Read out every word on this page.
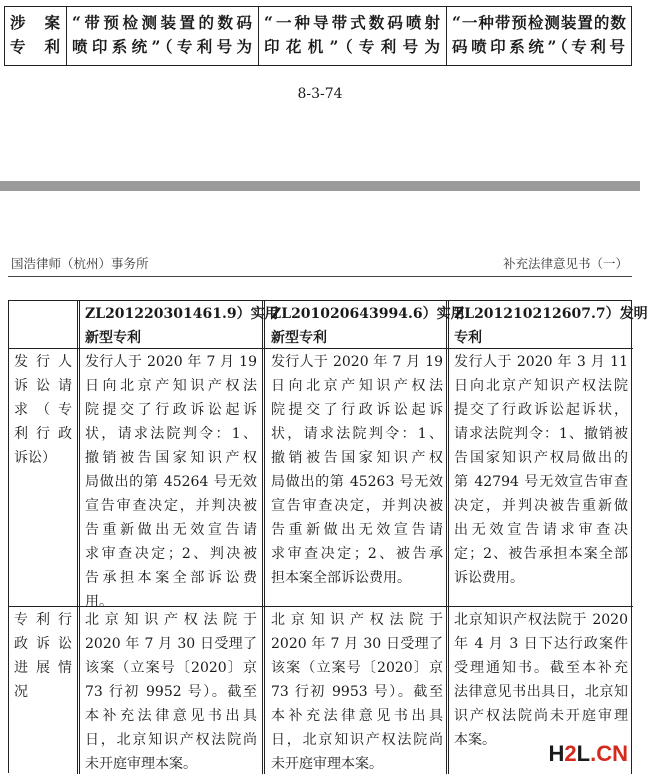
涉案
专利
“带预检测装置的数码
喷印系统”（专利号为
“一种导带式数码喷射
印花机”（专利号为
“一种带预检测装置的数
码喷印系统”（专利号
8-3-74
国浩律师（杭州）事务所	补充法律意见书（一）
ZL201220301461.9）实用
新型专利
ZL201020643994.6）实用
新型专利
ZL201210212607.7）发明
专利
发行人
诉讼请
求（专
利行政
诉讼）
发行人于 2020 年 7 月 19
日向北京产知识产权法
院提交了行政诉讼起诉
状，请求法院判令：1、
撤销被告国家知识产权
局做出的第 45264 号无效
宣告审查决定，并判决被
告重新做出无效宣告请
求审查决定；2、判决被
告承担本案全部诉讼费
用。
发行人于 2020 年 7 月 19
日向北京产知识产权法
院提交了行政诉讼起诉
状，请求法院判令：1、
撤销被告国家知识产权
局做出的第 45263 号无效
宣告审查决定，并判决被
告重新做出无效宣告请
求审查决定；2、被告承
担本案全部诉讼费用。
发行人于 2020 年 3 月 11
日向北京产知识产权法院
提交了行政诉讼起诉状，
请求法院判令：1、撤销被
告国家知识产权局做出的
第 42794 号无效宣告审查
决定，并判决被告重新做
出无效宣告请求审查决
定；2、被告承担本案全部
诉讼费用。
专利行
政诉讼
进展情
况
北京知识产权法院于
2020 年 7 月 30 日受理了
该案（立案号〔2020〕京
73 行初 9952 号）。截至
本补充法律意见书出具
日，北京知识产权法院尚
未开庭审理本案。
北京知识产权法院于
2020 年 7 月 30 日受理了
该案（立案号〔2020〕京
73 行初 9953 号）。截至
本补充法律意见书出具
日，北京知识产权法院尚
未开庭审理本案。
北京知识产权法院于 2020
年 4 月 3 日下达行政案件
受理通知书。截至本补充
法律意见书出具日，北京知
识产权法院尚未开庭审理
本案。
H2L.CN
